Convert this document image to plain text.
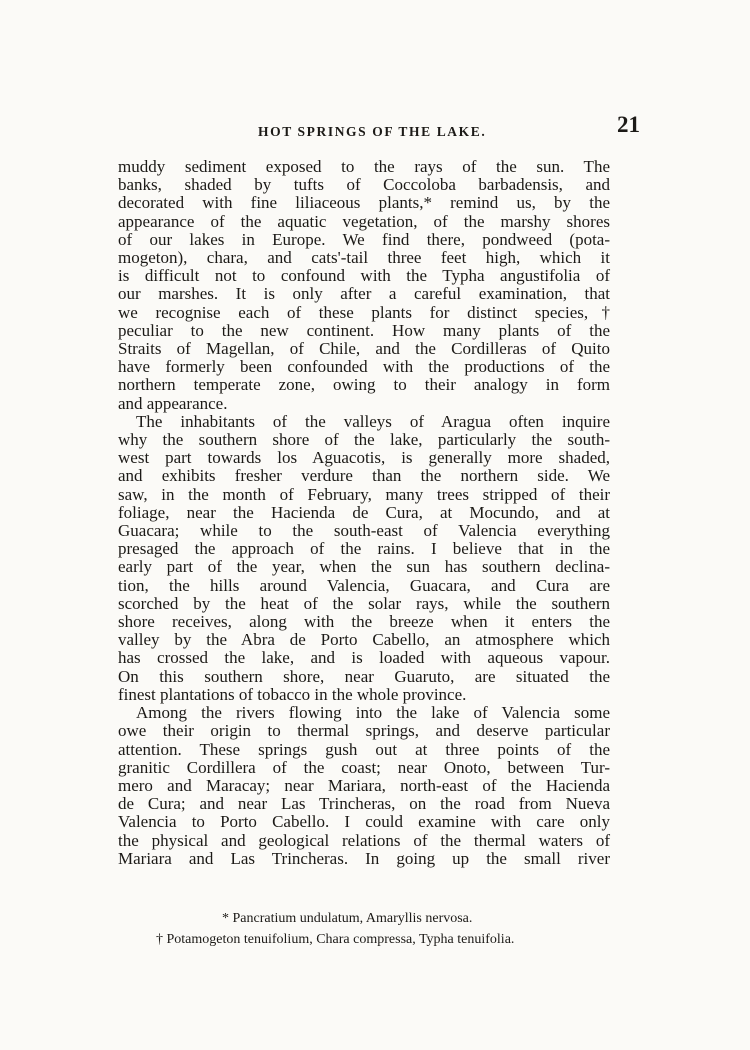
HOT SPRINGS OF THE LAKE.	21

muddy sediment exposed to the rays of the sun. The
banks, shaded by tufts of Coccoloba barbadensis, and
decorated with fine liliaceous plants,* remind us, by the
appearance of the aquatic vegetation, of the marshy shores
of our lakes in Europe. We find there, pondweed (pota-
mogeton), chara, and cats'-tail three feet high, which it
is difficult not to confound with the Typha angustifolia of
our marshes. It is only after a careful examination, that
we recognise each of these plants for distinct species,†
peculiar to the new continent. How many plants of the
Straits of Magellan, of Chile, and the Cordilleras of Quito
have formerly been confounded with the productions of the
northern temperate zone, owing to their analogy in form
and appearance.

The inhabitants of the valleys of Aragua often inquire
why the southern shore of the lake, particularly the south-
west part towards los Aguacotis, is generally more shaded,
and exhibits fresher verdure than the northern side. We
saw, in the month of February, many trees stripped of their
foliage, near the Hacienda de Cura, at Mocundo, and at
Guacara; while to the south-east of Valencia everything
presaged the approach of the rains. I believe that in the
early part of the year, when the sun has southern declina-
tion, the hills around Valencia, Guacara, and Cura are
scorched by the heat of the solar rays, while the southern
shore receives, along with the breeze when it enters the
valley by the Abra de Porto Cabello, an atmosphere which
has crossed the lake, and is loaded with aqueous vapour.
On this southern shore, near Guaruto, are situated the
finest plantations of tobacco in the whole province.

Among the rivers flowing into the lake of Valencia some
owe their origin to thermal springs, and deserve particular
attention. These springs gush out at three points of the
granitic Cordillera of the coast; near Onoto, between Tur-
mero and Maracay; near Mariara, north-east of the Hacienda
de Cura; and near Las Trincheras, on the road from Nueva
Valencia to Porto Cabello. I could examine with care only
the physical and geological relations of the thermal waters of
Mariara and Las Trincheras. In going up the small river

* Pancratium undulatum, Amaryllis nervosa.
† Potamogeton tenuifolium, Chara compressa, Typha tenuifolia.
